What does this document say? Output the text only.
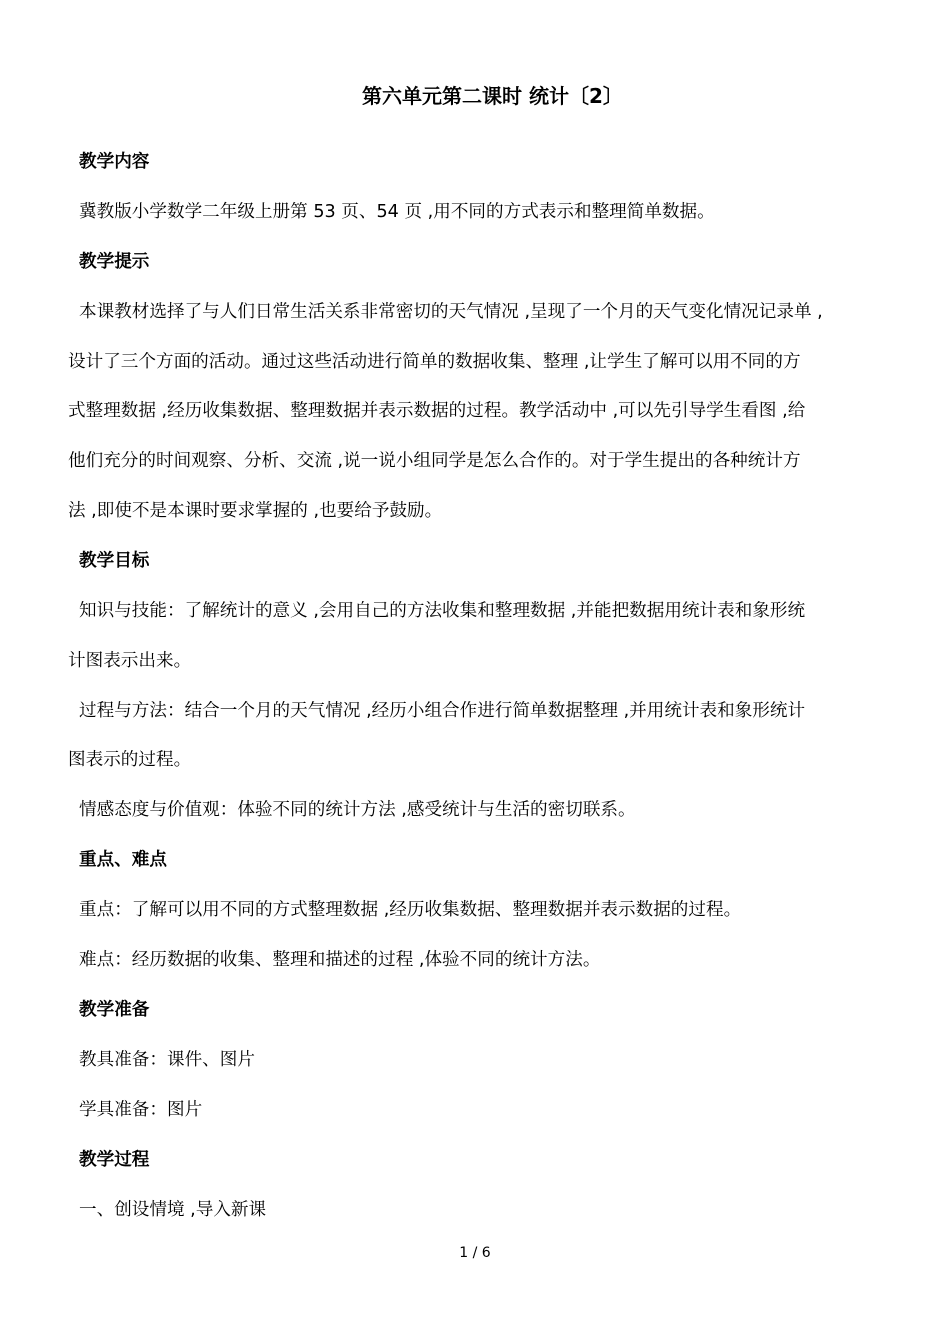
第六单元第二课时 统计〔2〕

教学内容

冀教版小学数学二年级上册第 53 页、54 页 ,用不同的方式表示和整理简单数据。

教学提示

本课教材选择了与人们日常生活关系非常密切的天气情况 ,呈现了一个月的天气变化情况记录单 ,

设计了三个方面的活动。通过这些活动进行简单的数据收集、整理 ,让学生了解可以用不同的方

式整理数据 ,经历收集数据、整理数据并表示数据的过程。教学活动中 ,可以先引导学生看图 ,给

他们充分的时间观察、分析、交流 ,说一说小组同学是怎么合作的。对于学生提出的各种统计方

法 ,即使不是本课时要求掌握的 ,也要给予鼓励。

教学目标

知识与技能：了解统计的意义 ,会用自己的方法收集和整理数据 ,并能把数据用统计表和象形统

计图表示出来。

过程与方法：结合一个月的天气情况 ,经历小组合作进行简单数据整理 ,并用统计表和象形统计

图表示的过程。

情感态度与价值观：体验不同的统计方法 ,感受统计与生活的密切联系。

重点、难点

重点：了解可以用不同的方式整理数据 ,经历收集数据、整理数据并表示数据的过程。

难点：经历数据的收集、整理和描述的过程 ,体验不同的统计方法。

教学准备

教具准备：课件、图片

学具准备：图片

教学过程

一、创设情境 ,导入新课

1 / 6
